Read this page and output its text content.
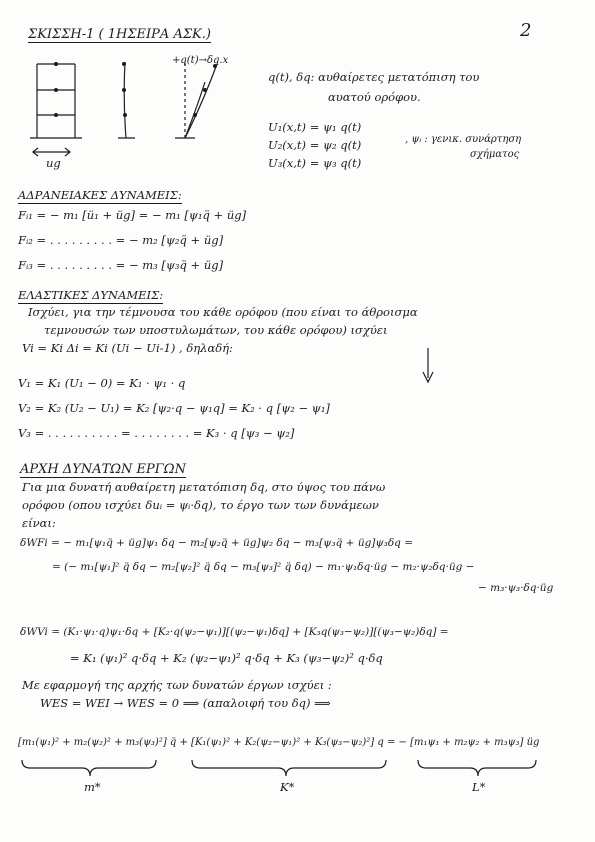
ΣΚΙΣΣΗ-1 ( 1ΗΣΕΙΡΑ ΑΣΚ.)	2
+q(t)→δq.x
ug
q(t), δq: αυθαίρετες μετατόπιση του
αυατού ορόφου.
U₁(x,t) = ψ₁ q(t)
U₂(x,t) = ψ₂ q(t)
U₃(x,t) = ψ₃ q(t)
, ψᵢ : γενικ. συνάρτηση
σχήματος
ΑΔΡΑΝΕΙΑΚΕΣ ΔΥΝΑΜΕΙΣ:
Fᵢ₁ = − m₁ [ü₁ + üg] = − m₁ [ψ₁q̈ + üg]
Fᵢ₂ = . . . . . . . . . = − m₂ [ψ₂q̈ + üg]
Fᵢ₃ = . . . . . . . . . = − m₃ [ψ₃q̈ + üg]
ΕΛΑΣΤΙΚΕΣ ΔΥΝΑΜΕΙΣ:
Ισχύει, για την τέμνουσα του κάθε ορόφου (που είναι το άθροισμα
τεμνουσών των υποστυλωμάτων, του κάθε ορόφου) ισχύει
Vi = Ki Δi = Ki (Ui − Ui-1) , δηλαδή:
V₁ = K₁ (U₁ − 0) = K₁ · ψ₁ · q
V₂ = K₂ (U₂ − U₁) = K₂ [ψ₂·q − ψ₁q] = K₂ · q [ψ₂ − ψ₁]
V₃ = . . . . . . . . . . = . . . . . . . . = K₃ · q [ψ₃ − ψ₂]
ΑΡΧΗ ΔΥΝΑΤΩΝ ΕΡΓΩΝ
Για μια δυνατή αυθαίρετη μετατόπιση δq, στο ύψος του πάνω
ορόφου (οπου ισχύει δuᵢ = ψᵢ·δq), το έργο των των δυνάμεων
είναι:
δWFi = − m₁[ψ₁q̈ + üg]ψ₁ δq − m₂[ψ₂q̈ + üg]ψ₂ δq − m₃[ψ₃q̈ + üg]ψ₃δq =
= (− m₁[ψ₁]² q̈ δq − m₂[ψ₂]² q̈ δq − m₃[ψ₃]² q̈ δq) − m₁·ψ₁δq·üg − m₂·ψ₂δq·üg −
− m₃·ψ₃·δq·üg
δWVi = (K₁·ψ₁·q)ψ₁·δq + [K₂·q(ψ₂−ψ₁)][(ψ₂−ψ₁)δq] + [K₃q(ψ₃−ψ₂)][(ψ₃−ψ₂)δq] =
= K₁ (ψ₁)² q·δq + K₂ (ψ₂−ψ₁)² q·δq + K₃ (ψ₃−ψ₂)² q·δq
Με εφαρμογή της αρχής των δυνατών έργων ισχύει :
WES = WEΙ → WES = 0 ⟹ (απαλοιφή του δq) ⟹
[m₁(ψ₁)² + m₂(ψ₂)² + m₃(ψ₃)²] q̈ + [K₁(ψ₁)² + K₂(ψ₂−ψ₁)² + K₃(ψ₃−ψ₂)²] q = − [m₁ψ₁ + m₂ψ₂ + m₃ψ₃] üg
m*	K*	L*
